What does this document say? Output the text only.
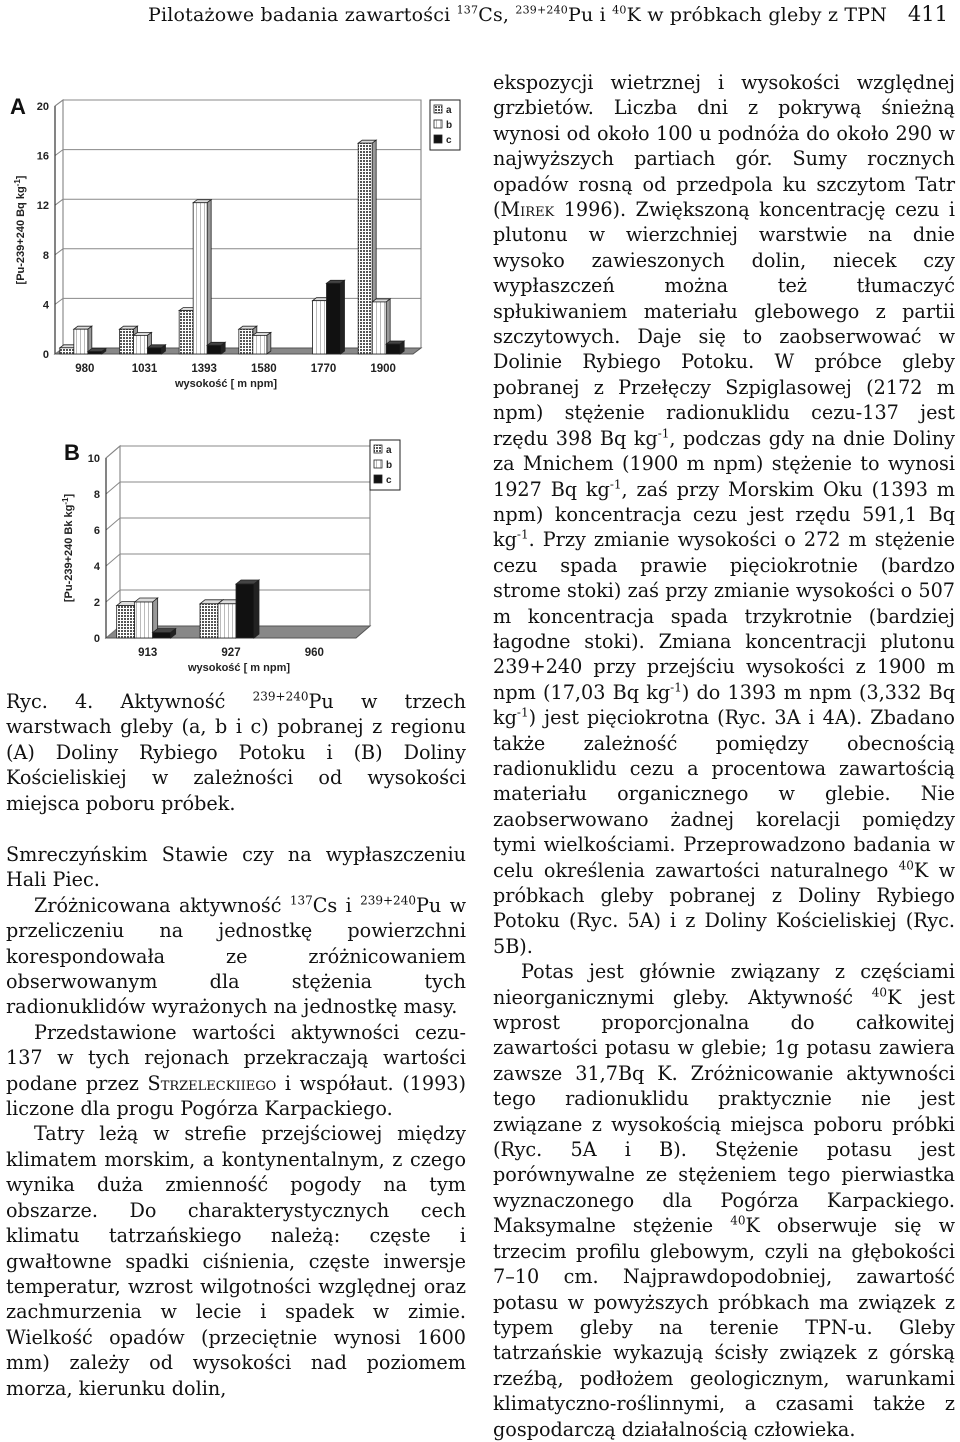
Pilotażowe badania zawartości $^{137}$Cs, $^{239+240}$Pu i $^{40}$K w próbkach gleby z TPN 411
0
4
8
12
16
20
980	1031	1393	1580	1770	1900
wysokość [ m npm]
[Pu-239+240 Bq $kg^{-1}$]
A	a
b
c
0
2
4
6
8
10
913	927	960
wysokość [ m npm]
[Pu-239+240 Bk $kg^{-1}$]
B	a
b
c
Ryc. 4. Aktywność $^{239+240}$Pu w trzech warstwach gleby (a, b i c) pobranej z regionu (A) Doliny Rybiego Potoku i (B) Doliny Kościeliskiej w zależności od wysokości miejsca poboru próbek.

Smreczyńskim Stawie czy na wypłaszczeniu Hali Piec.

Zróżnicowana aktywność $^{137}$Cs i $^{239+240}$Pu w przeliczeniu na jednostkę powierzchni korespondowała ze zróżnicowaniem obserwowanym dla stężenia tych radionuklidów wyrażonych na jednostkę masy.

Przedstawione wartości aktywności cezu-137 w tych rejonach przekraczają wartości podane przez Strzeleckiiego i współaut. (1993) liczone dla progu Pogórza Karpackiego.

Tatry leżą w strefie przejściowej między klimatem morskim, a kontynentalnym, z czego wynika duża zmienność pogody na tym obszarze. Do charakterystycznych cech klimatu tatrzańskiego należą: częste i gwałtowne spadki ciśnienia, częste inwersje temperatur, wzrost wilgotności względnej oraz zachmurzenia w lecie i spadek w zimie. Wielkość opadów (przeciętnie wynosi 1600 mm) zależy od wysokości nad poziomem morza, kierunku dolin,

ekspozycji wietrznej i wysokości względnej grzbietów. Liczba dni z pokrywą śnieżną wynosi od około 100 u podnóża do około 290 w najwyższych partiach gór. Sumy rocznych opadów rosną od przedpola ku szczytom Tatr (Mirek 1996). Zwiększoną koncentrację cezu i plutonu w wierzchniej warstwie na dnie wysoko zawieszonych dolin, niecek czy wypłaszczeń można też tłumaczyć spłukiwaniem materiału glebowego z partii szczytowych. Daje się to zaobserwować w Dolinie Rybiego Potoku. W próbce gleby pobranej z Przełęczy Szpiglasowej (2172 m npm) stężenie radionuklidu cezu-137 jest rzędu 398 Bq $kg^{-1}$, podczas gdy na dnie Doliny za Mnichem (1900 m npm) stężenie to wynosi 1927 Bq $kg^{-1}$, zaś przy Morskim Oku (1393 m npm) koncentracja cezu jest rzędu 591,1 Bq $kg^{-1}$. Przy zmianie wysokości o 272 m stężenie cezu spada prawie pięciokrotnie (bardzo strome stoki) zaś przy zmianie wysokości o 507 m koncentracja spada trzykrotnie (bardziej łagodne stoki). Zmiana koncentracji plutonu 239+240 przy przejściu wysokości z 1900 m npm (17,03 Bq $kg^{-1}$) do 1393 m npm (3,332 Bq $kg^{-1}$) jest pięciokrotna (Ryc. 3A i 4A). Zbadano także zależność pomiędzy obecnością radionuklidu cezu a procentowa zawartością materiału organicznego w glebie. Nie zaobserwowano żadnej korelacji pomiędzy tymi wielkościami. Przeprowadzono badania w celu określenia zawartości naturalnego $^{40}$K w próbkach gleby pobranej z Doliny Rybiego Potoku (Ryc. 5A) i z Doliny Kościeliskiej (Ryc. 5B).

Potas jest głównie związany z częściami nieorganicznymi gleby. Aktywność $^{40}$K jest wprost proporcjonalna do całkowitej zawartości potasu w glebie; 1g potasu zawiera zawsze 31,7Bq K. Zróżnicowanie aktywności tego radionuklidu praktycznie nie jest związane z wysokością miejsca poboru próbki (Ryc. 5A i B). Stężenie potasu jest porównywalne ze stężeniem tego pierwiastka wyznaczonego dla Pogórza Karpackiego. Maksymalne stężenie $^{40}$K obserwuje się w trzecim profilu glebowym, czyli na głębokości 7–10 cm. Najprawdopodobniej, zawartość potasu w powyższych próbkach ma związek z typem gleby na terenie TPN-u. Gleby tatrzańskie wykazują ścisły związek z górską rzeźbą, podłożem geologicznym, warunkami klimatyczno-roślinnymi, a czasami także z gospodarczą działalnością człowieka.
